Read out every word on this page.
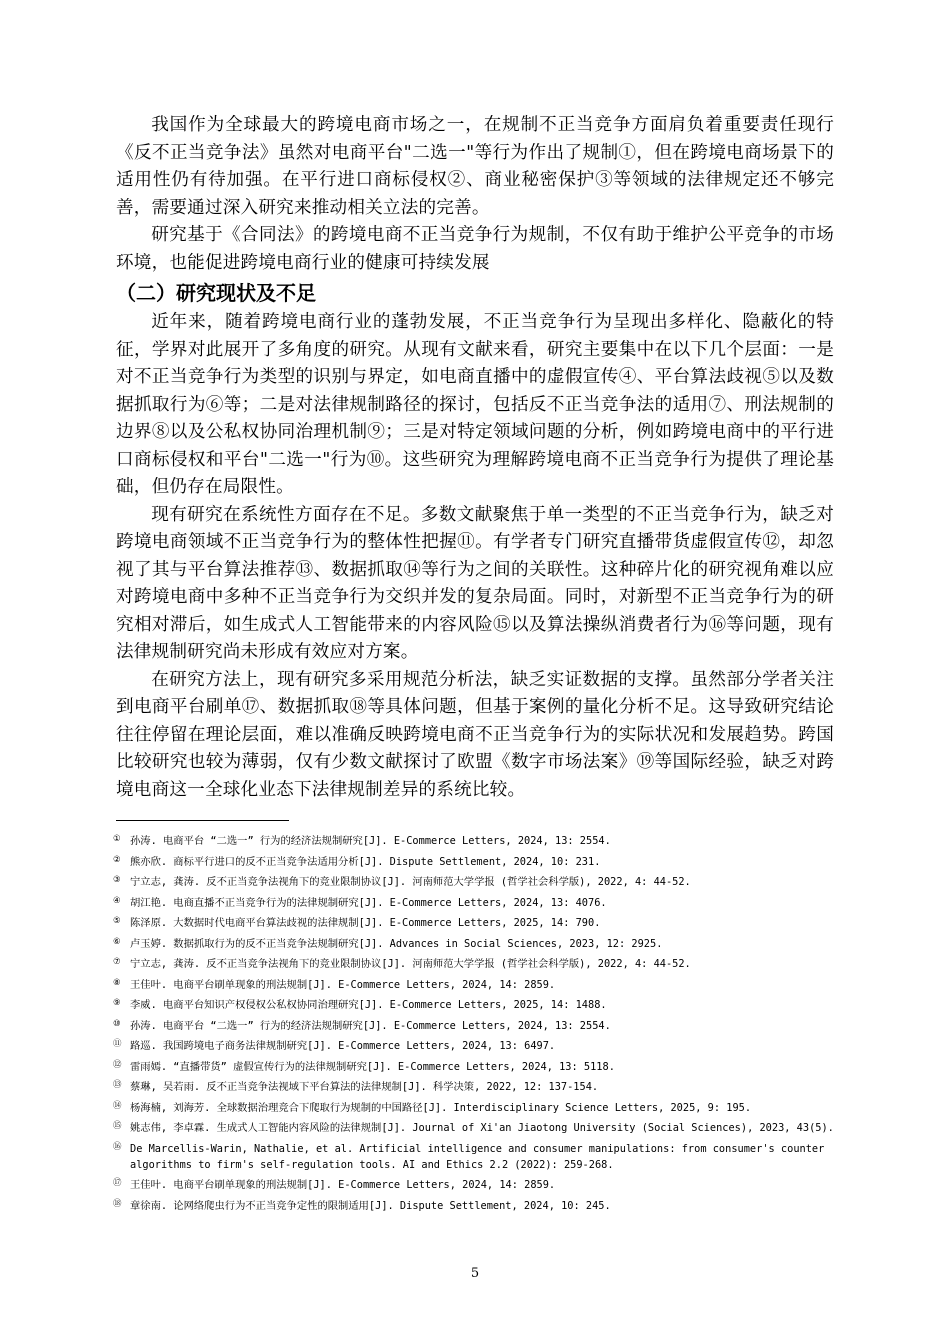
我国作为全球最大的跨境电商市场之一，在规制不正当竞争方面肩负着重要责任现行《反不正当竞争法》虽然对电商平台"二选一"等行为作出了规制①，但在跨境电商场景下的适用性仍有待加强。在平行进口商标侵权②、商业秘密保护③等领域的法律规定还不够完善，需要通过深入研究来推动相关立法的完善。

研究基于《合同法》的跨境电商不正当竞争行为规制，不仅有助于维护公平竞争的市场环境，也能促进跨境电商行业的健康可持续发展

（二）研究现状及不足

近年来，随着跨境电商行业的蓬勃发展，不正当竞争行为呈现出多样化、隐蔽化的特征，学界对此展开了多角度的研究。从现有文献来看，研究主要集中在以下几个层面：一是对不正当竞争行为类型的识别与界定，如电商直播中的虚假宣传④、平台算法歧视⑤以及数据抓取行为⑥等；二是对法律规制路径的探讨，包括反不正当竞争法的适用⑦、刑法规制的边界⑧以及公私权协同治理机制⑨；三是对特定领域问题的分析，例如跨境电商中的平行进口商标侵权和平台"二选一"行为⑩。这些研究为理解跨境电商不正当竞争行为提供了理论基础，但仍存在局限性。

现有研究在系统性方面存在不足。多数文献聚焦于单一类型的不正当竞争行为，缺乏对跨境电商领域不正当竞争行为的整体性把握⑪。有学者专门研究直播带货虚假宣传⑫，却忽视了其与平台算法推荐⑬、数据抓取⑭等行为之间的关联性。这种碎片化的研究视角难以应对跨境电商中多种不正当竞争行为交织并发的复杂局面。同时，对新型不正当竞争行为的研究相对滞后，如生成式人工智能带来的内容风险⑮以及算法操纵消费者行为⑯等问题，现有法律规制研究尚未形成有效应对方案。

在研究方法上，现有研究多采用规范分析法，缺乏实证数据的支撑。虽然部分学者关注到电商平台刷单⑰、数据抓取⑱等具体问题，但基于案例的量化分析不足。这导致研究结论往往停留在理论层面，难以准确反映跨境电商不正当竞争行为的实际状况和发展趋势。跨国比较研究也较为薄弱，仅有少数文献探讨了欧盟《数字市场法案》⑲等国际经验，缺乏对跨境电商这一全球化业态下法律规制差异的系统比较。

① 孙涛. 电商平台 “二选一” 行为的经济法规制研究[J]. E-Commerce Letters, 2024, 13: 2554.
② 熊亦欣. 商标平行进口的反不正当竞争法适用分析[J]. Dispute Settlement, 2024, 10: 231.
③ 宁立志, 龚涛. 反不正当竞争法视角下的竞业限制协议[J]. 河南师范大学学报 (哲学社会科学版), 2022, 4: 44-52.
④ 胡江艳. 电商直播不正当竞争行为的法律规制研究[J]. E-Commerce Letters, 2024, 13: 4076.
⑤ 陈泽原. 大数据时代电商平台算法歧视的法律规制[J]. E-Commerce Letters, 2025, 14: 790.
⑥ 卢玉婷. 数据抓取行为的反不正当竞争法规制研究[J]. Advances in Social Sciences, 2023, 12: 2925.
⑦ 宁立志, 龚涛. 反不正当竞争法视角下的竞业限制协议[J]. 河南师范大学学报 (哲学社会科学版), 2022, 4: 44-52.
⑧ 王佳叶. 电商平台刷单现象的刑法规制[J]. E-Commerce Letters, 2024, 14: 2859.
⑨ 李威. 电商平台知识产权侵权公私权协同治理研究[J]. E-Commerce Letters, 2025, 14: 1488.
⑩ 孙涛. 电商平台 “二选一” 行为的经济法规制研究[J]. E-Commerce Letters, 2024, 13: 2554.
⑪ 路巡. 我国跨境电子商务法律规制研究[J]. E-Commerce Letters, 2024, 13: 6497.
⑫ 雷雨嫣. “直播带货” 虚假宣传行为的法律规制研究[J]. E-Commerce Letters, 2024, 13: 5118.
⑬ 蔡琳, 吴若雨. 反不正当竞争法视域下平台算法的法律规制[J]. 科学决策, 2022, 12: 137-154.
⑭ 杨海楠, 刘海芳. 全球数据治理竞合下爬取行为规制的中国路径[J]. Interdisciplinary Science Letters, 2025, 9: 195.
⑮ 姚志伟, 李卓霖. 生成式人工智能内容风险的法律规制[J]. Journal of Xi'an Jiaotong University (Social Sciences), 2023, 43(5).
⑯ De Marcellis-Warin, Nathalie, et al. Artificial intelligence and consumer manipulations: from consumer's counter algorithms to firm's self-regulation tools. AI and Ethics 2.2 (2022): 259-268.
⑰ 王佳叶. 电商平台刷单现象的刑法规制[J]. E-Commerce Letters, 2024, 14: 2859.
⑱ 章徐南. 论网络爬虫行为不正当竞争定性的限制适用[J]. Dispute Settlement, 2024, 10: 245.
5
